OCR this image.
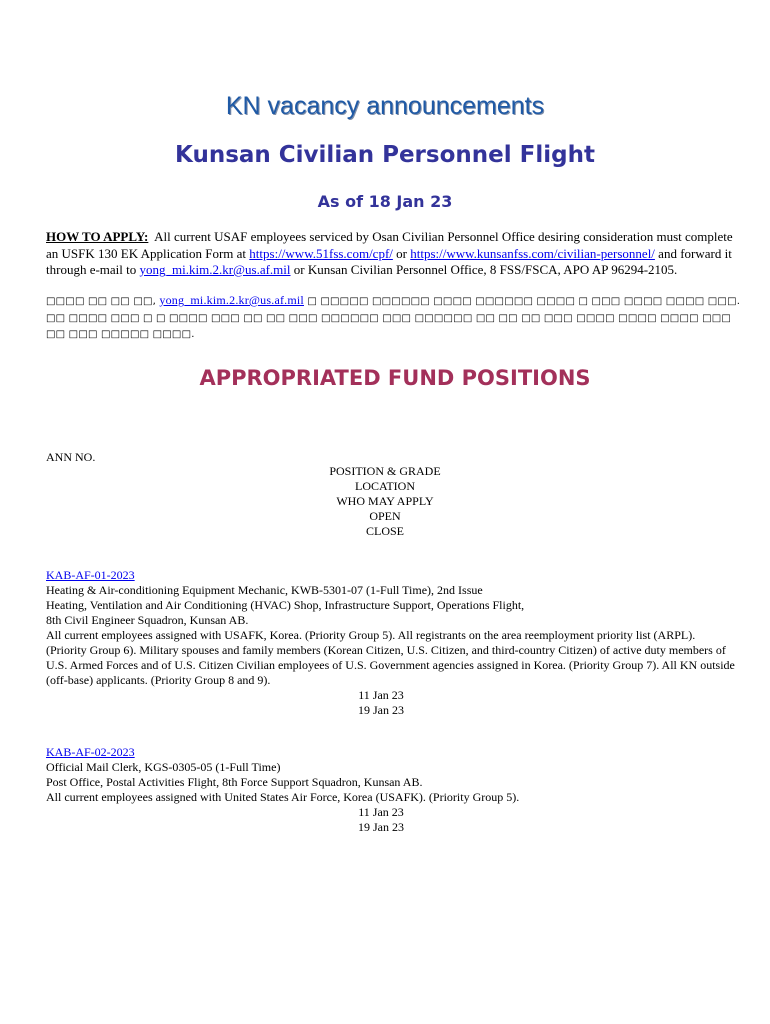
KN vacancy announcements
Kunsan Civilian Personnel Flight
As of 18 Jan 23
HOW TO APPLY: All current USAF employees serviced by Osan Civilian Personnel Office desiring consideration must complete an USFK 130 EK Application Form at https://www.51fss.com/cpf/ or https://www.kunsanfss.com/civilian-personnel/ and forward it through e-mail to yong_mi.kim.2.kr@us.af.mil or Kunsan Civilian Personnel Office, 8 FSS/FSCA, APO AP 96294-2105.
□□□□ □□ □□ □□, yong_mi.kim.2.kr@us.af.mil □ □□□□□ □□□□□□ □□□□ □□□□□□ □□□□ □ □□□ □□□□ □□□□ □□□. □□ □□□□ □□□ □ □ □□□□ □□□ □□ □□ □□□ □□□□□□ □□□ □□□□□□ □□ □□ □□ □□□ □□□□ □□□□ □□□□ □□□ □□ □□□ □□□□□ □□□□.
APPROPRIATED FUND POSITIONS
ANN NO.
POSITION & GRADE
LOCATION
WHO MAY APPLY
OPEN
CLOSE
KAB-AF-01-2023
Heating & Air-conditioning Equipment Mechanic, KWB-5301-07 (1-Full Time), 2nd Issue
Heating, Ventilation and Air Conditioning (HVAC) Shop, Infrastructure Support, Operations Flight,
8th Civil Engineer Squadron, Kunsan AB.
All current employees assigned with USAFK, Korea. (Priority Group 5). All registrants on the area reemployment priority list (ARPL). (Priority Group 6). Military spouses and family members (Korean Citizen, U.S. Citizen, and third-country Citizen) of active duty members of U.S. Armed Forces and of U.S. Citizen Civilian employees of U.S. Government agencies assigned in Korea. (Priority Group 7). All KN outside (off-base) applicants. (Priority Group 8 and 9).
11 Jan 23
19 Jan 23
KAB-AF-02-2023
Official Mail Clerk, KGS-0305-05 (1-Full Time)
Post Office, Postal Activities Flight, 8th Force Support Squadron, Kunsan AB.
All current employees assigned with United States Air Force, Korea (USAFK). (Priority Group 5).
11 Jan 23
19 Jan 23
